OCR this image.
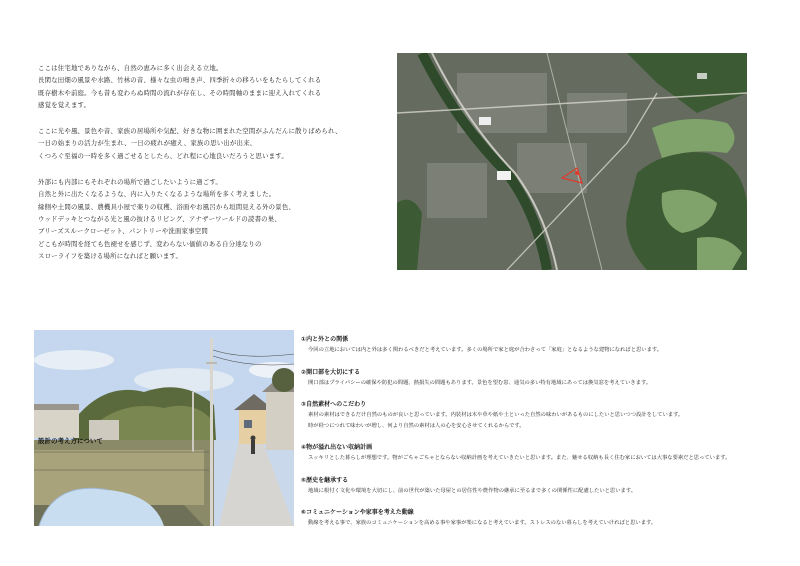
ここは住宅地でありながら、自然の恵みに多く出会える立地。
長閑な田畑の風景や水路、竹林の音、様々な虫の鳴き声、四季折々の移ろいをもたらしてくれる
既存樹木や前庭。今も昔も変わらぬ時間の流れが存在し、その時間軸のままに迎え入れてくれる
感覚を覚えます。
ここに光や風、景色や音、家族の居場所や気配、好きな物に囲まれた空間がふんだんに散りばめられ、
一日の始まりの活力が生まれ、一日の疲れが癒え、家族の思い出が出来、
くつろぐ至福の一時を多く過ごせるとしたら、どれ程に心地良いだろうと思います。
外部にも内部にもそれぞれの場所で過ごしたいように過ごす。
自然と外に出たくなるような、内に入りたくなるような場所を多く考えました。
縁側や土間の風景、農機具小屋で楽りの収穫、浴面やお風呂から垣間見える外の景色、
ウッドデッキとつながる光と風の抜けるリビング、アナザーワールドの読書の巣、
ブリーズスルークローゼット、パントリーや洗面家事空間
どこもが時間を経ても色褪せを感じず、変わらない価値のある自分達なりの
スローライフを築ける場所になればと願います。
設計の考え方について
①内と外との関係
今回の立地においては内と外は多く関わるべきだと考えています。多くの場所で家と庭が合わさって「家庭」となるような建物になればと思います。
②開口部を大切にする
開口部はプライバシーの確保や防犯の問題、熱損失の問題もあります。景色を望む窓、通気の多い特有地域にあっては換気窓を考えていきます。
③自然素材へのこだわり
素材の素材はできるだけ自然のものが良いと思っています。内装材は木や草や紙や土といった自然の味わいがあるものにしたいと思いつつ設計をしています。
時が経つにつれて味わいが増し、何より自然の素材は人の心を安心させてくれるからです。
④物が溢れ出ない収納計画
スッキリとした暮らしが理想です。物がごちゃごちゃとならない収納計画を考えていきたいと思います。また、魅せる収納も長く住む家においては大事な要素だと思っています。
⑤歴史を継承する
地域に根付く文化や環境を大切にし、前の世代が築いた母屋との居住性や農作物の継承に至るまで多くの関係性に配慮したいと思います。
⑥コミュニケーションや家事を考えた動線
動線を考える事で、家族のコミュニケーションを高める事や家事が楽になると考えています。ストレスのない暮らしを考えていければと思います。
